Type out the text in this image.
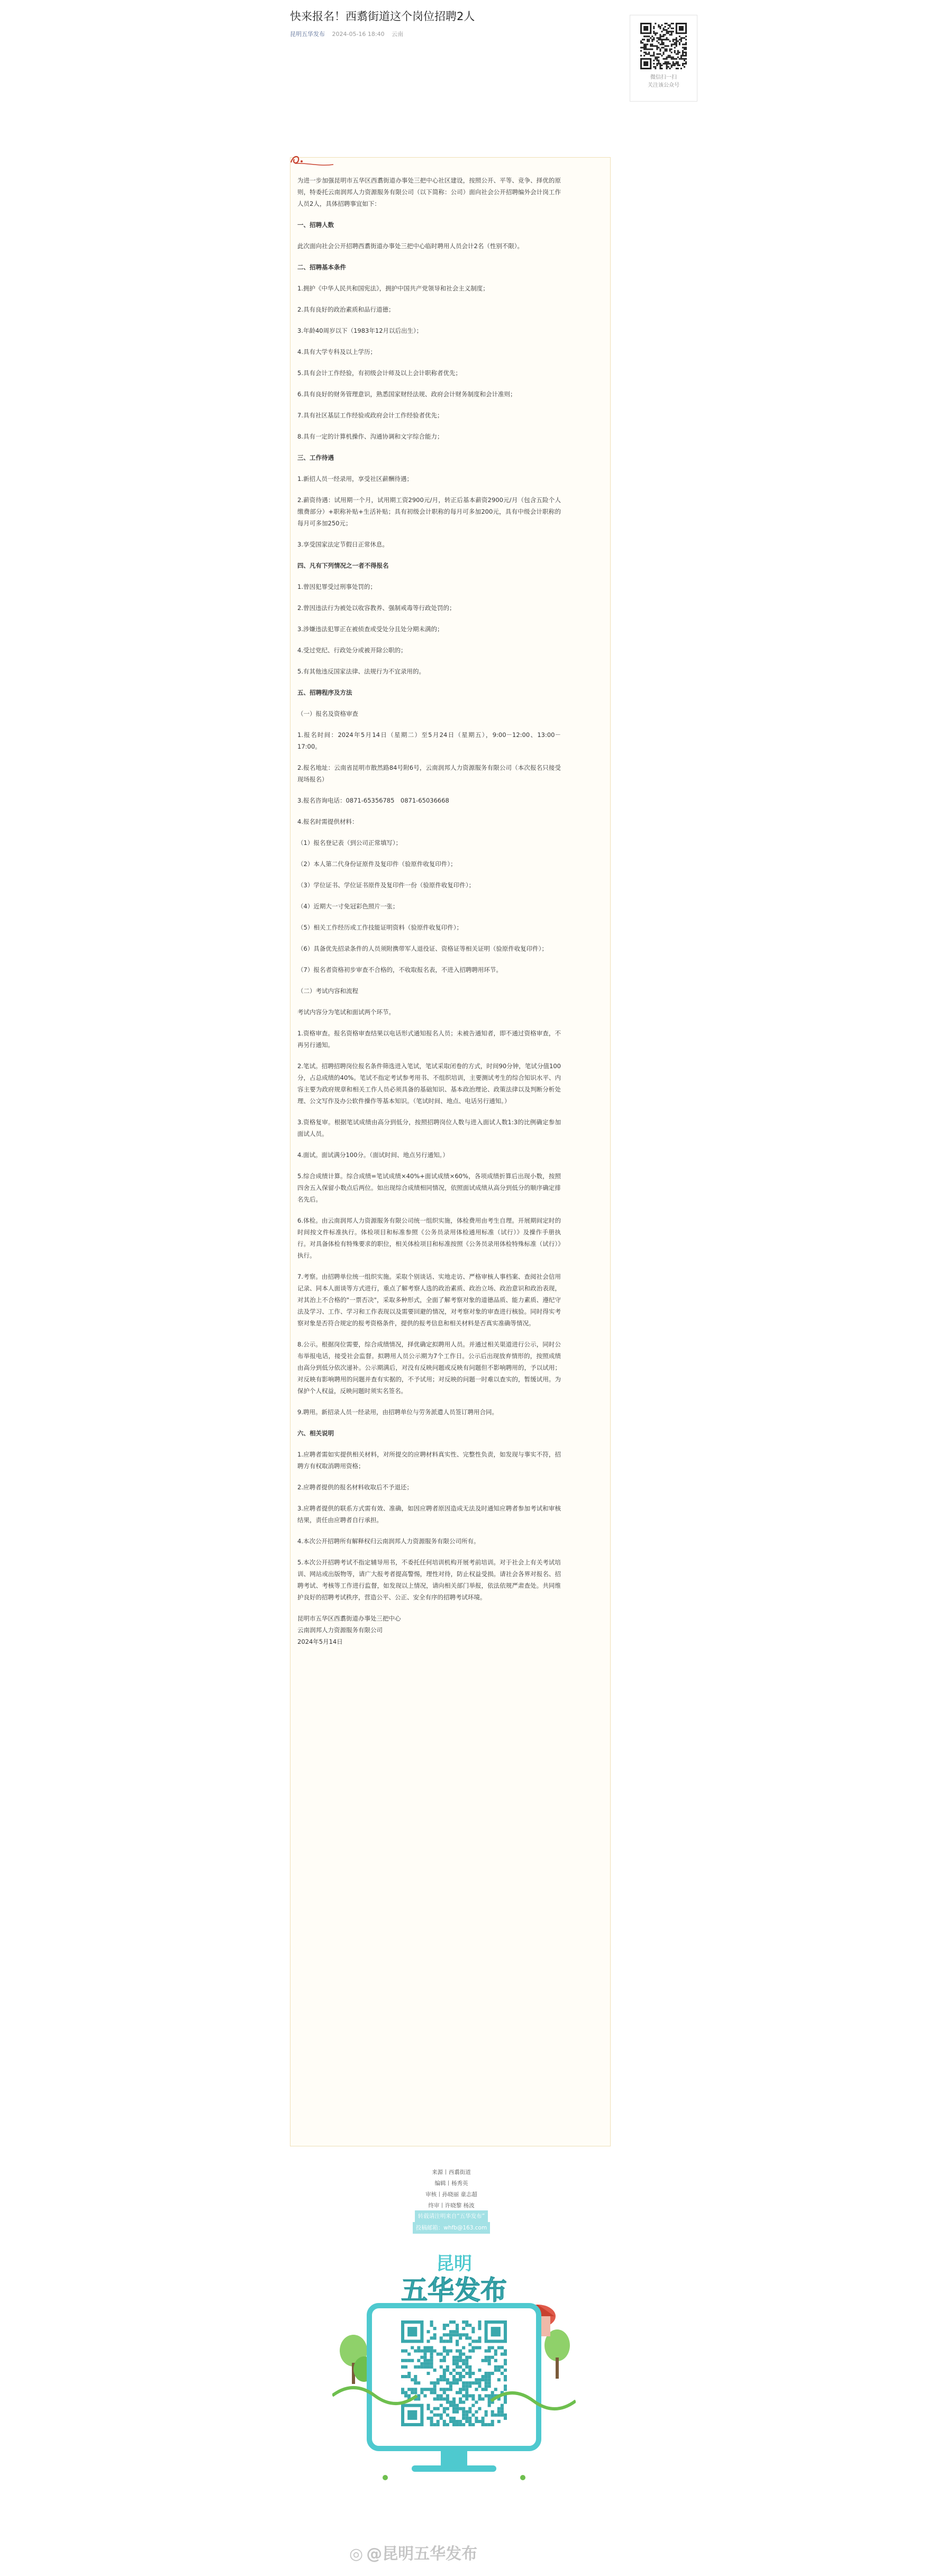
快来报名！西翥街道这个岗位招聘2人
昆明五华发布 2024-05-16 18:40 云南
微信扫一扫
关注该公众号

为进一步加强昆明市五华区西翥街道办事处三把中心社区建设，按照公开、平等、竞争、择优的原则，特委托云南润邦人力资源服务有限公司（以下简称：公司）面向社会公开招聘编外会计岗工作人员2人，具体招聘事宜如下：

一、招聘人数

此次面向社会公开招聘西翥街道办事处三把中心临时聘用人员会计2名（性别不限）。

二、招聘基本条件

1.拥护《中华人民共和国宪法》，拥护中国共产党领导和社会主义制度；

2.具有良好的政治素质和品行道德；

3.年龄40周岁以下（1983年12月以后出生）；

4.具有大学专科及以上学历；

5.具有会计工作经验，有初级会计师及以上会计职称者优先；

6.具有良好的财务管理意识，熟悉国家财经法规、政府会计财务制度和会计准则；

7.具有社区基层工作经验或政府会计工作经验者优先；

8.具有一定的计算机操作、沟通协调和文字综合能力；

三、工作待遇

1.新招人员一经录用，享受社区薪酬待遇；

2.薪资待遇：试用期一个月，试用期工资2900元/月，转正后基本薪资2900元/月（包含五险个人缴费部分）+职称补贴+生活补贴；具有初级会计职称的每月可多加200元，具有中级会计职称的每月可多加250元；

3.享受国家法定节假日正常休息。

四、凡有下列情况之一者不得报名

1.曾因犯罪受过刑事处罚的；

2.曾因违法行为被处以收容教养、强制戒毒等行政处罚的；

3.涉嫌违法犯罪正在被侦查或受处分且处分期未满的；

4.受过党纪、行政处分或被开除公职的；

5.有其他违反国家法律、法规行为不宜录用的。

五、招聘程序及方法

（一）报名及资格审查

1.报名时间：2024年5月14日（星期二）至5月24日（星期五），9:00－12:00、13:00－17:00。

2.报名地址：云南省昆明市散然路84号附6号，云南润邦人力资源服务有限公司（本次报名只接受现场报名）

3.报名咨询电话：0871-65356785　0871-65036668

4.报名时需提供材料：

（1）报名登记表（到公司正常填写）；

（2）本人第二代身份证原件及复印件（验原件收复印件）；

（3）学位证书、学位证书原件及复印件一份（验原件收复印件）；

（4）近期大一寸免冠彩色照片一张；

（5）相关工作经历或工作技能证明资料（验原件收复印件）；

（6）具备优先招录条件的人员须附携带军人退役证、资格证等相关证明（验原件收复印件）；

（7）报名者资格初步审查不合格的，不收取报名表，不进入招聘聘用环节。

（二）考试内容和流程

考试内容分为笔试和面试两个环节。

1.资格审查。报名资格审查结果以电话形式通知报名人员；未被告通知者，即不通过资格审查，不再另行通知。

2.笔试。招聘招聘岗位报名条件筛选进入笔试，笔试采取闭卷的方式，时间90分钟，笔试分值100分，占总成绩的40%。笔试不指定考试参考用书、不组织培训，主要测试考生的综合知识水平、内容主要为政府规章和相关工作人员必须具备的基础知识、基本政治理论、政策法律以及判断分析处理、公文写作及办公软件操作等基本知识。（笔试时间、地点、电话另行通知。）

3.资格复审。根据笔试成绩由高分到低分，按照招聘岗位人数与进入面试人数1:3的比例确定参加面试人员。

4.面试。面试满分100分。（面试时间、地点另行通知。）

5.综合成绩计算。综合成绩=笔试成绩×40%+面试成绩×60%，各项成绩折算后出现小数，按照四舍五入保留小数点后两位。如出现综合成绩相同情况，依照面试成绩从高分到低分的顺序确定排名先后。

6.体检。由云南润邦人力资源服务有限公司统一组织实施，体检费用由考生自理。开展期间定时的时间按文件标准执行。体检项目和标准参照《公务员录用体检通用标准（试行）》及操作手册执行。对具备体检有特殊要求的职位，相关体检项目和标准按照《公务员录用体检特殊标准（试行）》执行。

7.考察。由招聘单位统一组织实施。采取个别谈话、实地走访、严格审核人事档案、查阅社会信用记录、同本人面谈等方式进行，重点了解考察人选的政治素质、政治立场、政治意识和政治表现，对其治上不合格的"一票否决"，采取多种形式，全面了解考察对象的道德品质、能力素质、遵纪守法及学习、工作、学习和工作表现以及需要回避的情况，对考察对象的审查进行核验。同时得实考察对象是否符合规定的报考资格条件，提供的报考信息和相关材料是否真实准确等情况。

8.公示。根据岗位需要，综合成绩情况，择优确定拟聘用人员。并通过相关渠道进行公示，同时公布举报电话，接受社会监督。拟聘用人员公示期为7个工作日。公示后出现放弃情形的，按照成绩由高分到低分依次递补。公示期满后，对没有反映问题或反映有问题但不影响聘用的，予以试用；对反映有影响聘用的问题并查有实据的，不予试用；对反映的问题一时难以查实的，暂缓试用。为保护个人权益，反映问题时须实名签名。

9.聘用。新招录人员一经录用，由招聘单位与劳务派遣人员签订聘用合同。

六、相关说明

1.应聘者需如实提供相关材料，对所提交的应聘材料真实性、完整性负责，如发现与事实不符，招聘方有权取消聘用资格；

2.应聘者提供的报名材料收取后不予退还；

3.应聘者提供的联系方式需有效、准确，如因应聘者原因造成无法及时通知应聘者参加考试和审核结果，责任由应聘者自行承担。

4.本次公开招聘所有解释权归云南润邦人力资源服务有限公司所有。

5.本次公开招聘考试不指定辅导用书，不委托任何培训机构开展考前培训。对于社会上有关考试培训、网站或出版物等，请广大报考者提高警惕，理性对待，防止权益受损。请社会各界对报名、招聘考试、考核等工作进行监督，如发现以上情况，请向相关部门举报，依法依规严肃查处。共同维护良好的招聘考试秩序，营造公平、公正、安全有序的招聘考试环境。

昆明市五华区西翥街道办事处三把中心

云南润邦人力资源服务有限公司

2024年5月14日

来源丨西翥街道
编辑丨杨秀英
审核丨孙晓丽 童志超
终审丨许晓黎 杨波
转载请注明来自“五华发布”
投稿邮箱：whfb@163.com
昆明
五华发布
◎ @昆明五华发布
